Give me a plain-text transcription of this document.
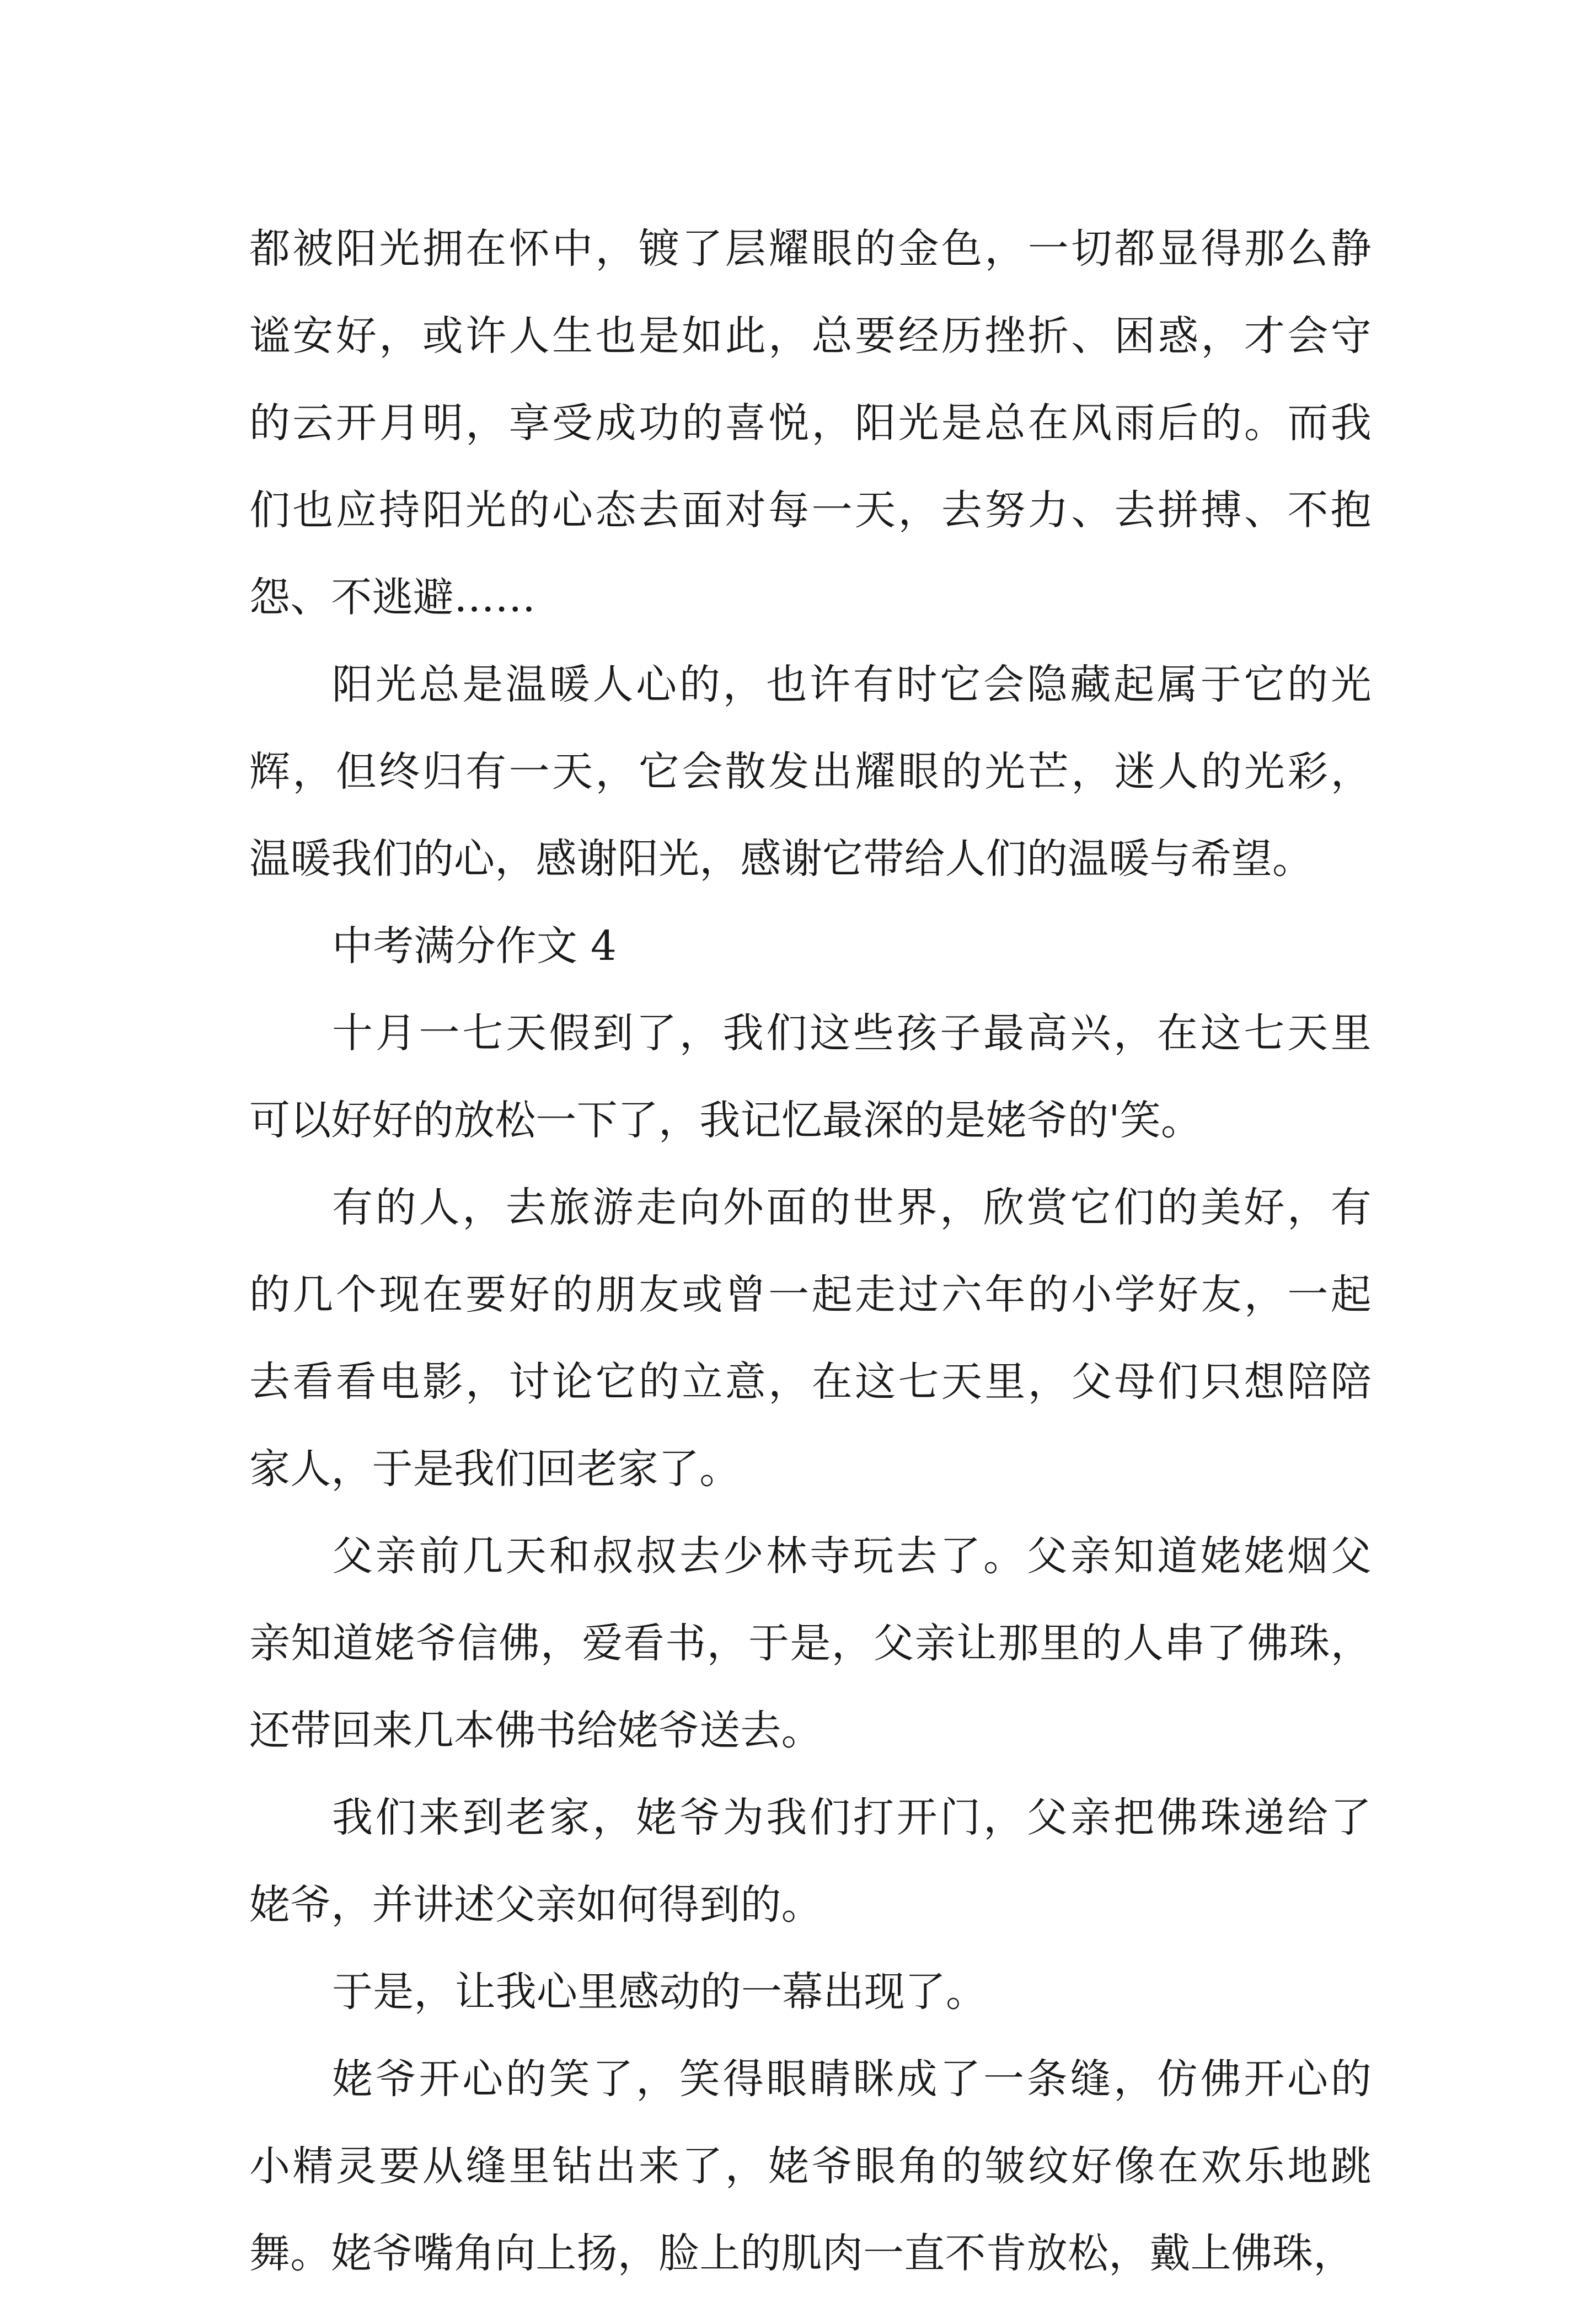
都被阳光拥在怀中，镀了层耀眼的金色，一切都显得那么静
谧安好，或许人生也是如此，总要经历挫折、困惑，才会守
的云开月明，享受成功的喜悦，阳光是总在风雨后的。而我
们也应持阳光的心态去面对每一天，去努力、去拼搏、不抱
怨、不逃避……
阳光总是温暖人心的，也许有时它会隐藏起属于它的光
辉，但终归有一天，它会散发出耀眼的光芒，迷人的光彩，
温暖我们的心，感谢阳光，感谢它带给人们的温暖与希望。
中考满分作文 4
十月一七天假到了，我们这些孩子最高兴，在这七天里
可以好好的放松一下了，我记忆最深的是姥爷的'笑。
有的人，去旅游走向外面的世界，欣赏它们的美好，有
的几个现在要好的朋友或曾一起走过六年的小学好友，一起
去看看电影，讨论它的立意，在这七天里，父母们只想陪陪
家人，于是我们回老家了。
父亲前几天和叔叔去少林寺玩去了。父亲知道姥姥烟父
亲知道姥爷信佛，爱看书，于是，父亲让那里的人串了佛珠，
还带回来几本佛书给姥爷送去。
我们来到老家，姥爷为我们打开门，父亲把佛珠递给了
姥爷，并讲述父亲如何得到的。
于是，让我心里感动的一幕出现了。
姥爷开心的笑了，笑得眼睛眯成了一条缝，仿佛开心的
小精灵要从缝里钻出来了，姥爷眼角的皱纹好像在欢乐地跳
舞。姥爷嘴角向上扬，脸上的肌肉一直不肯放松，戴上佛珠，
